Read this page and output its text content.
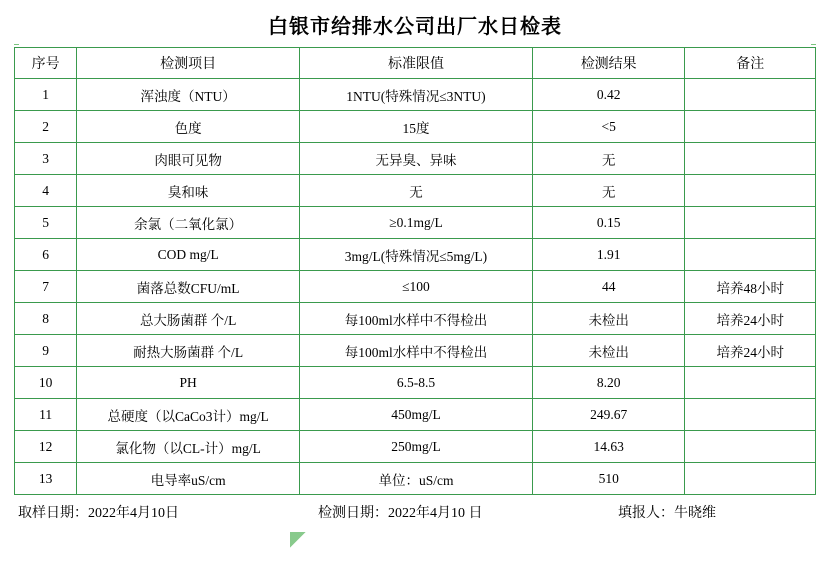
白银市给排水公司出厂水日检表
序号	检测项目	标准限值	检测结果	备注
1	浑浊度（NTU）	1NTU(特殊情况≤3NTU)	0.42	
2	色度	15度	<5	
3	肉眼可见物	无异臭、异味	无	
4	臭和味	无	无	
5	余氯（二氧化氯）	≥0.1mg/L	0.15	
6	COD mg/L	3mg/L(特殊情况≤5mg/L)	1.91	
7	菌落总数CFU/mL	≤100	44	培养48小时
8	总大肠菌群 个/L	每100ml水样中不得检出	未检出	培养24小时
9	耐热大肠菌群 个/L	每100ml水样中不得检出	未检出	培养24小时
10	PH	6.5-8.5	8.20	
11	总硬度（以CaCo3计）mg/L	450mg/L	249.67	
12	氯化物（以CL-计）mg/L	250mg/L	14.63	
13	电导率uS/cm	单位：uS/cm	510	
取样日期：2022年4月10日	检测日期：2022年4月10 日	填报人：牛晓维
